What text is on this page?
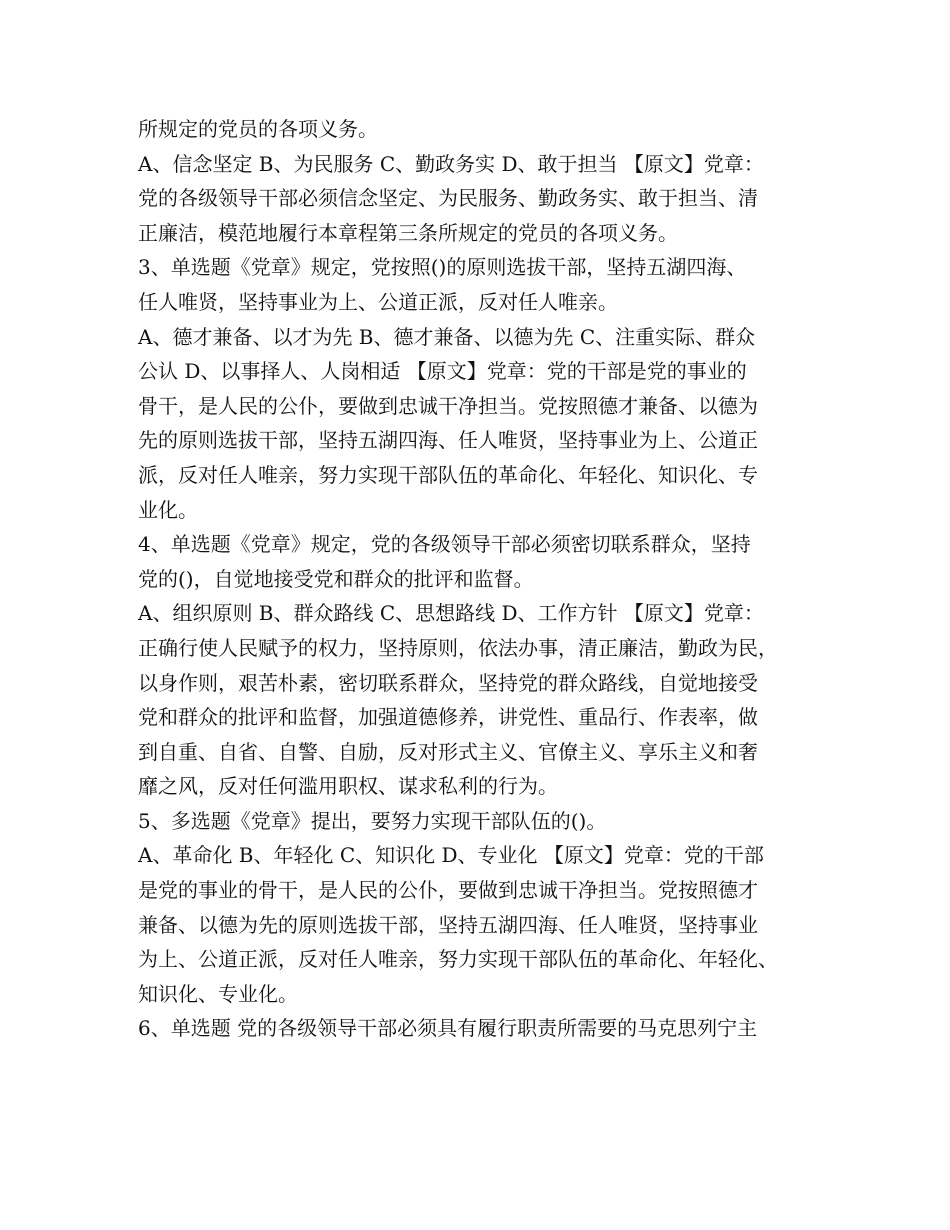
所规定的党员的各项义务。
A、信念坚定 B、为民服务 C、勤政务实 D、敢于担当 【原文】党章：
党的各级领导干部必须信念坚定、为民服务、勤政务实、敢于担当、清
正廉洁，模范地履行本章程第三条所规定的党员的各项义务。
3、单选题《党章》规定，党按照()的原则选拔干部，坚持五湖四海、
任人唯贤，坚持事业为上、公道正派，反对任人唯亲。
A、德才兼备、以才为先 B、德才兼备、以德为先 C、注重实际、群众
公认 D、以事择人、人岗相适 【原文】党章：党的干部是党的事业的
骨干，是人民的公仆，要做到忠诚干净担当。党按照德才兼备、以德为
先的原则选拔干部，坚持五湖四海、任人唯贤，坚持事业为上、公道正
派，反对任人唯亲，努力实现干部队伍的革命化、年轻化、知识化、专
业化。
4、单选题《党章》规定，党的各级领导干部必须密切联系群众，坚持
党的()，自觉地接受党和群众的批评和监督。
A、组织原则 B、群众路线 C、思想路线 D、工作方针 【原文】党章：
正确行使人民赋予的权力，坚持原则，依法办事，清正廉洁，勤政为民，
以身作则，艰苦朴素，密切联系群众，坚持党的群众路线，自觉地接受
党和群众的批评和监督，加强道德修养，讲党性、重品行、作表率，做
到自重、自省、自警、自励，反对形式主义、官僚主义、享乐主义和奢
靡之风，反对任何滥用职权、谋求私利的行为。
5、多选题《党章》提出，要努力实现干部队伍的()。
A、革命化 B、年轻化 C、知识化 D、专业化 【原文】党章：党的干部
是党的事业的骨干，是人民的公仆，要做到忠诚干净担当。党按照德才
兼备、以德为先的原则选拔干部，坚持五湖四海、任人唯贤，坚持事业
为上、公道正派，反对任人唯亲，努力实现干部队伍的革命化、年轻化、
知识化、专业化。
6、单选题 党的各级领导干部必须具有履行职责所需要的马克思列宁主
